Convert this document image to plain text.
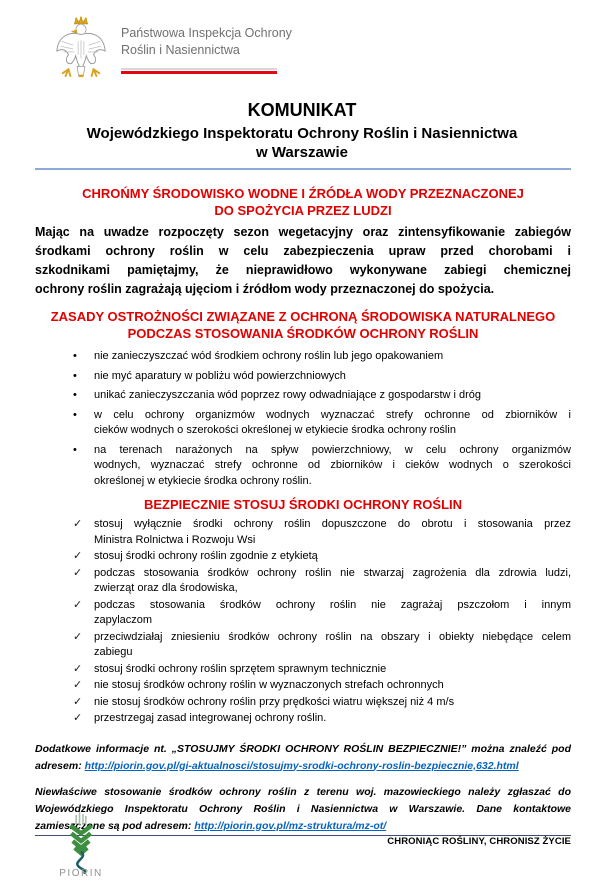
Państwowa Inspekcja Ochrony
Roślin i Nasiennictwa
KOMUNIKAT
Wojewódzkiego Inspektoratu Ochrony Roślin i Nasiennictwa
w Warszawie
CHROŃMY ŚRODOWISKO WODNE I ŹRÓDŁA WODY PRZEZNACZONEJ
DO SPOŻYCIA PRZEZ LUDZI
Mając na uwadze rozpoczęty sezon wegetacyjny oraz zintensyfikowanie zabiegów
środkami ochrony roślin w celu zabezpieczenia upraw przed chorobami i
szkodnikami pamiętajmy, że nieprawidłowo wykonywane zabiegi chemicznej
ochrony roślin zagrażają ujęciom i źródłom wody przeznaczonej do spożycia.
ZASADY OSTROŻNOŚCI ZWIĄZANE Z OCHRONĄ ŚRODOWISKA NATURALNEGO
PODCZAS STOSOWANIA ŚRODKÓW OCHRONY ROŚLIN
•	nie zanieczyszczać wód środkiem ochrony roślin lub jego opakowaniem
•	nie myć aparatury w pobliżu wód powierzchniowych
•	unikać zanieczyszczania wód poprzez rowy odwadniające z gospodarstw i dróg
•	w celu ochrony organizmów wodnych wyznaczać strefy ochronne od zbiorników i
cieków wodnych o szerokości określonej w etykiecie środka ochrony roślin
•	na terenach narażonych na spływ powierzchniowy, w celu ochrony organizmów
wodnych, wyznaczać strefy ochronne od zbiorników i cieków wodnych o szerokości
określonej w etykiecie środka ochrony roślin.
BEZPIECZNIE STOSUJ ŚRODKI OCHRONY ROŚLIN
✓	stosuj wyłącznie środki ochrony roślin dopuszczone do obrotu i stosowania przez
Ministra Rolnictwa i Rozwoju Wsi
✓	stosuj środki ochrony roślin zgodnie z etykietą
✓	podczas stosowania środków ochrony roślin nie stwarzaj zagrożenia dla zdrowia ludzi,
zwierząt oraz dla środowiska,
✓	podczas stosowania środków ochrony roślin nie zagrażaj pszczołom i innym
zapylaczom
✓	przeciwdziałaj zniesieniu środków ochrony roślin na obszary i obiekty niebędące celem
zabiegu
✓	stosuj środki ochrony roślin sprzętem sprawnym technicznie
✓	nie stosuj środków ochrony roślin w wyznaczonych strefach ochronnych
✓	nie stosuj środków ochrony roślin przy prędkości wiatru większej niż 4 m/s
✓	przestrzegaj zasad integrowanej ochrony roślin.
Dodatkowe informacje nt. „STOSUJMY ŚRODKI OCHRONY ROŚLIN BEZPIECZNIE!” można znaleźć pod
adresem: http://piorin.gov.pl/gi-aktualnosci/stosujmy-srodki-ochrony-roslin-bezpiecznie,632.html
Niewłaściwe stosowanie środków ochrony roślin z terenu woj. mazowieckiego należy zgłaszać do
Wojewódzkiego Inspektoratu Ochrony Roślin i Nasiennictwa w Warszawie. Dane kontaktowe
zamieszczone są pod adresem: http://piorin.gov.pl/mz-struktura/mz-ot/
PIORIN
CHRONIĄC ROŚLINY, CHRONISZ ŻYCIE
